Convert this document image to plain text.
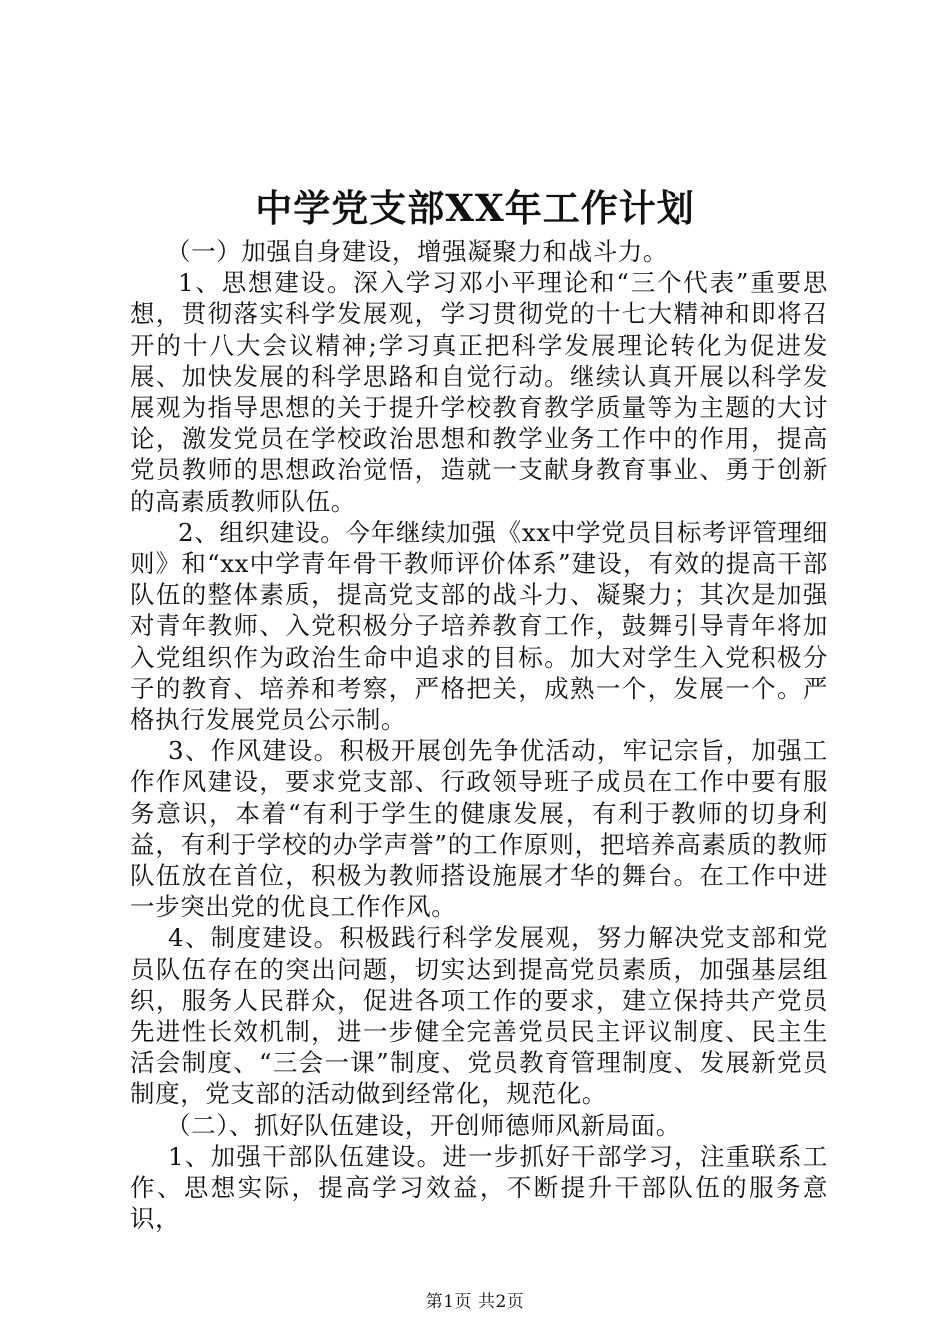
中学党支部XX年工作计划

（一）加强自身建设，增强凝聚力和战斗力。

1、思想建设。深入学习邓小平理论和“三个代表”重要思想，贯彻落实科学发展观，学习贯彻党的十七大精神和即将召开的十八大会议精神;学习真正把科学发展理论转化为促进发展、加快发展的科学思路和自觉行动。继续认真开展以科学发展观为指导思想的关于提升学校教育教学质量等为主题的大讨论，激发党员在学校政治思想和教学业务工作中的作用，提高党员教师的思想政治觉悟，造就一支献身教育事业、勇于创新的高素质教师队伍。

2、组织建设。今年继续加强《xx中学党员目标考评管理细则》和“xx中学青年骨干教师评价体系”建设，有效的提高干部队伍的整体素质，提高党支部的战斗力、凝聚力；其次是加强对青年教师、入党积极分子培养教育工作，鼓舞引导青年将加入党组织作为政治生命中追求的目标。加大对学生入党积极分子的教育、培养和考察，严格把关，成熟一个，发展一个。严格执行发展党员公示制。

3、作风建设。积极开展创先争优活动，牢记宗旨，加强工作作风建设，要求党支部、行政领导班子成员在工作中要有服务意识，本着“有利于学生的健康发展，有利于教师的切身利益，有利于学校的办学声誉”的工作原则，把培养高素质的教师队伍放在首位，积极为教师搭设施展才华的舞台。在工作中进一步突出党的优良工作作风。

4、制度建设。积极践行科学发展观，努力解决党支部和党员队伍存在的突出问题，切实达到提高党员素质，加强基层组织，服务人民群众，促进各项工作的要求，建立保持共产党员先进性长效机制，进一步健全完善党员民主评议制度、民主生活会制度、“三会一课”制度、党员教育管理制度、发展新党员制度，党支部的活动做到经常化，规范化。

（二）、抓好队伍建设，开创师德师风新局面。

1、加强干部队伍建设。进一步抓好干部学习，注重联系工作、思想实际，提高学习效益，不断提升干部队伍的服务意识，

第1页 共2页
